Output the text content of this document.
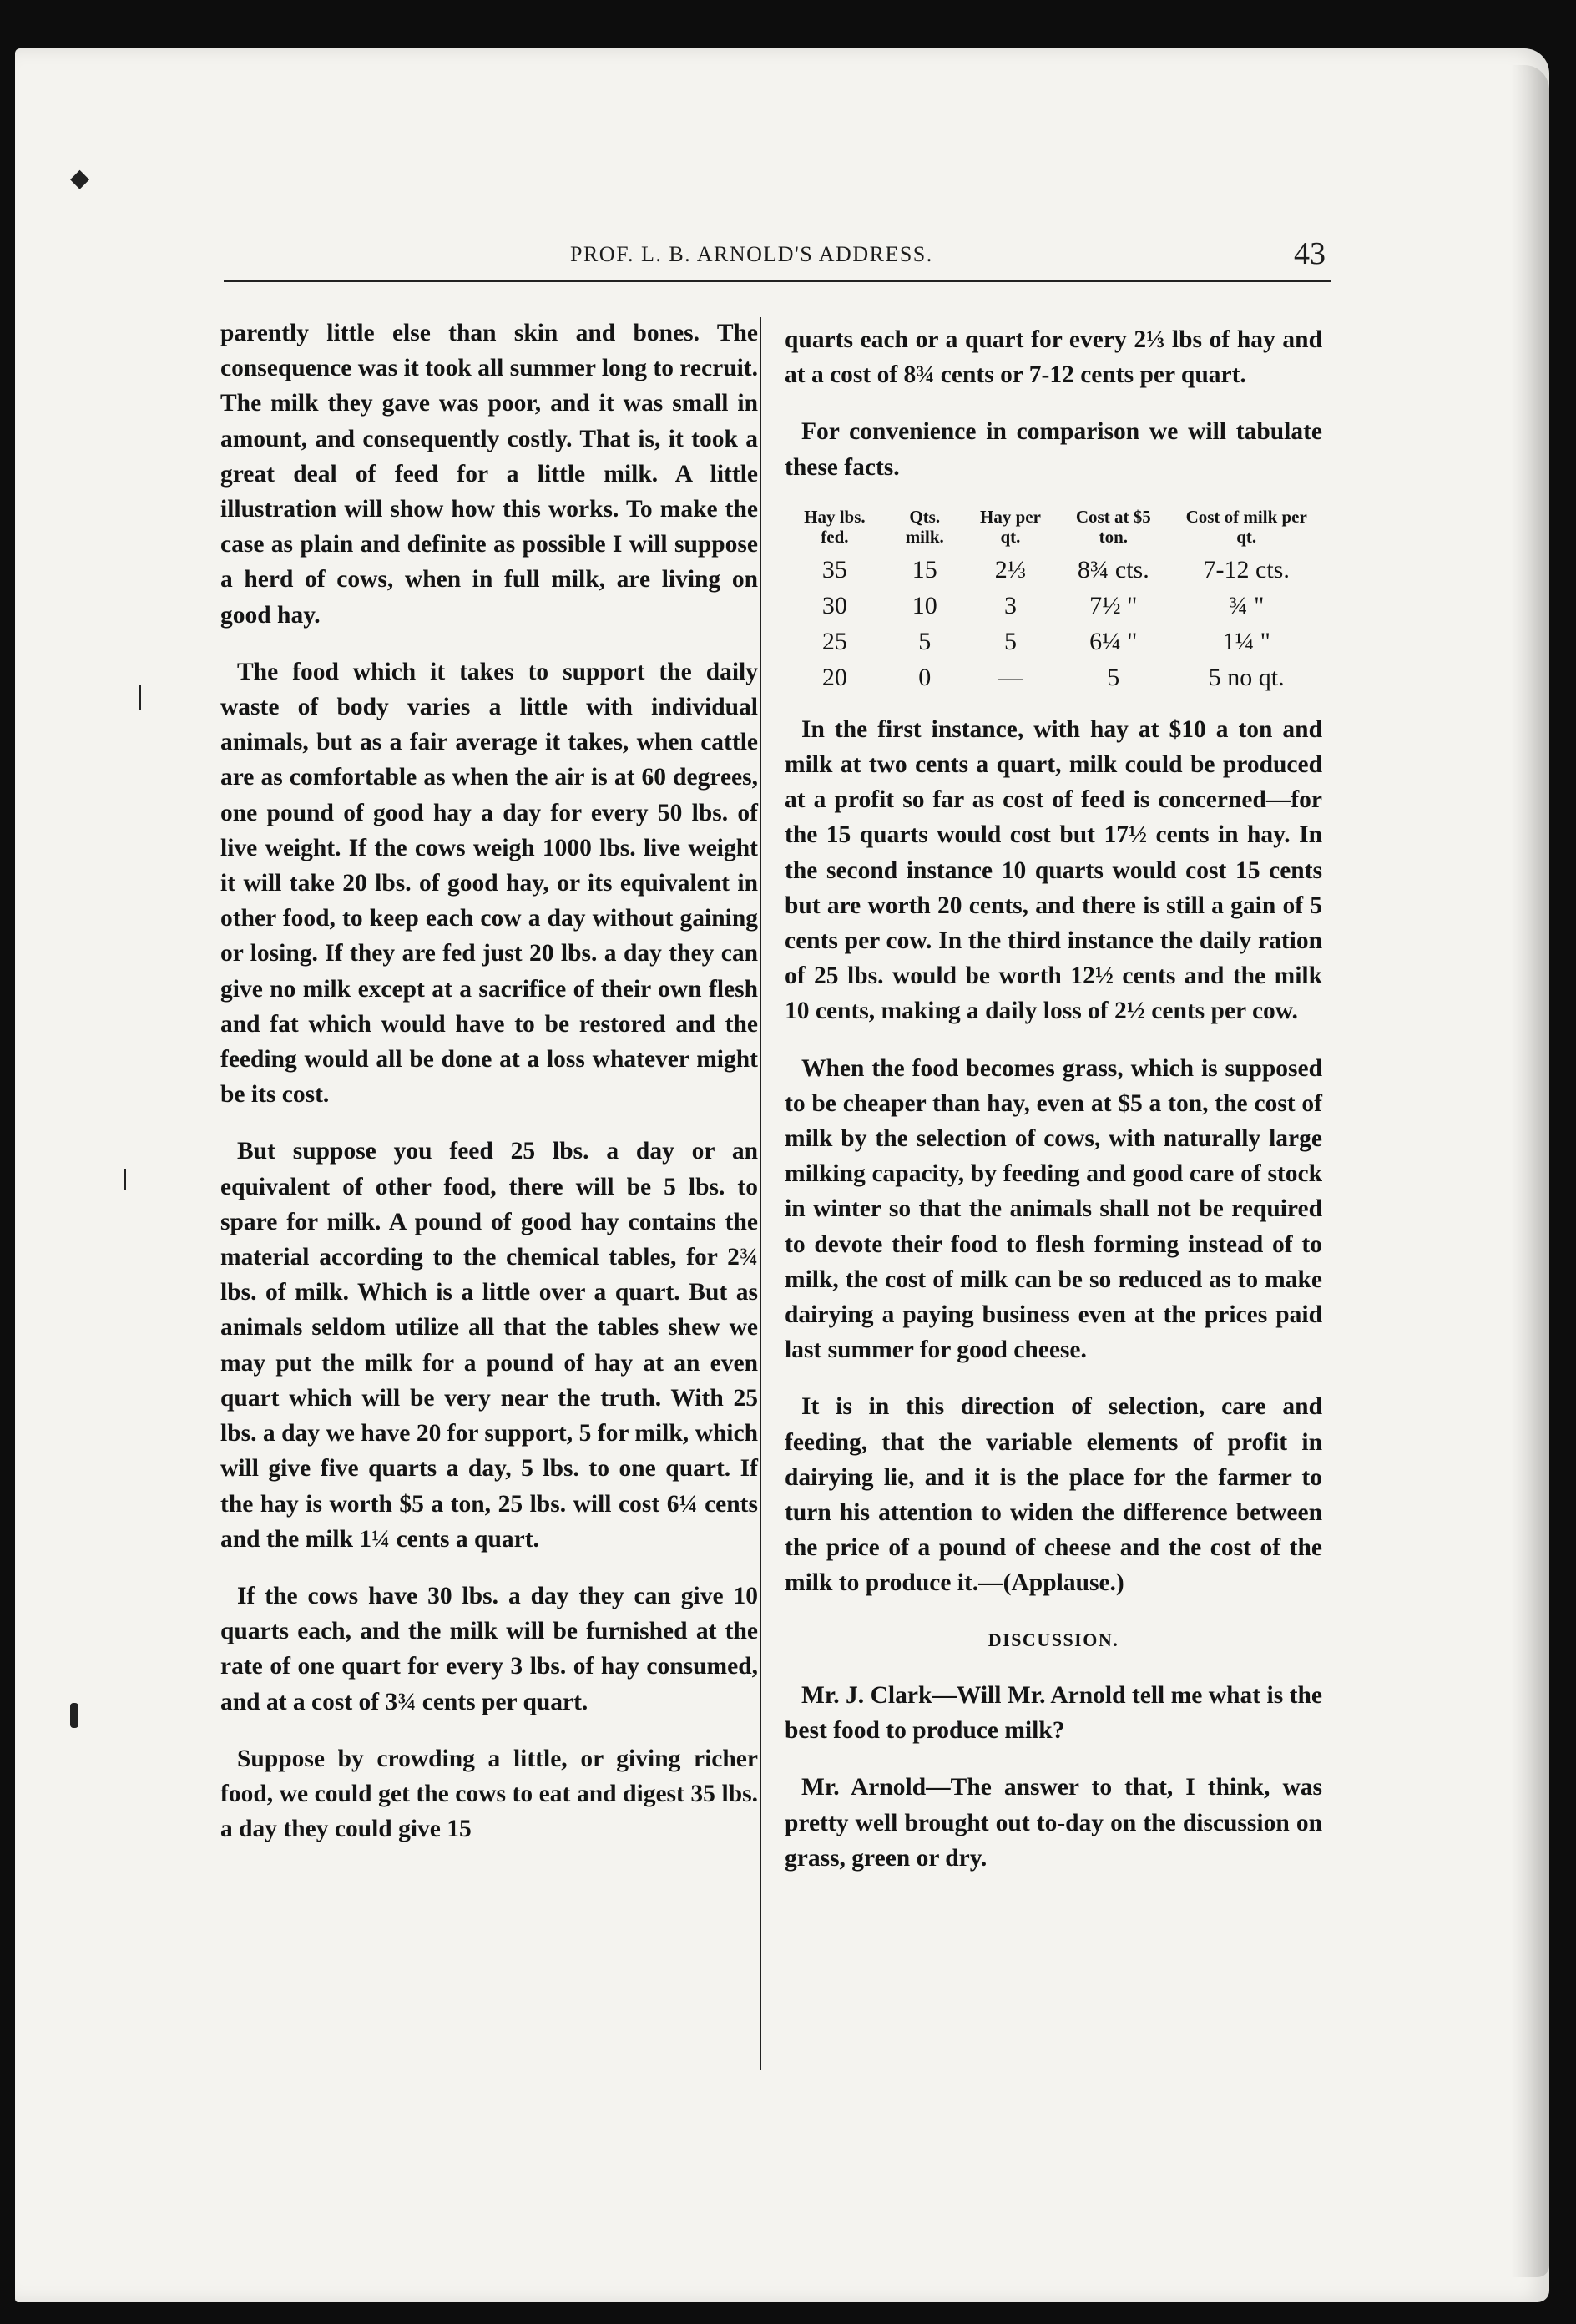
PROF. L. B. ARNOLD'S ADDRESS.	43
◆

parently little else than skin and bones. The consequence was it took all summer long to recruit. The milk they gave was poor, and it was small in amount, and consequently costly. That is, it took a great deal of feed for a little milk. A little illustration will show how this works. To make the case as plain and definite as possible I will suppose a herd of cows, when in full milk, are living on good hay.

The food which it takes to support the daily waste of body varies a little with individual animals, but as a fair average it takes, when cattle are as comfortable as when the air is at 60 degrees, one pound of good hay a day for every 50 lbs. of live weight. If the cows weigh 1000 lbs. live weight it will take 20 lbs. of good hay, or its equivalent in other food, to keep each cow a day without gaining or losing. If they are fed just 20 lbs. a day they can give no milk except at a sacrifice of their own flesh and fat which would have to be restored and the feeding would all be done at a loss whatever might be its cost.

But suppose you feed 25 lbs. a day or an equivalent of other food, there will be 5 lbs. to spare for milk. A pound of good hay contains the material according to the chemical tables, for 2¾ lbs. of milk. Which is a little over a quart. But as animals seldom utilize all that the tables shew we may put the milk for a pound of hay at an even quart which will be very near the truth. With 25 lbs. a day we have 20 for support, 5 for milk, which will give five quarts a day, 5 lbs. to one quart. If the hay is worth $5 a ton, 25 lbs. will cost 6¼ cents and the milk 1¼ cents a quart.

If the cows have 30 lbs. a day they can give 10 quarts each, and the milk will be furnished at the rate of one quart for every 3 lbs. of hay consumed, and at a cost of 3¾ cents per quart.

Suppose by crowding a little, or giving richer food, we could get the cows to eat and digest 35 lbs. a day they could give 15

quarts each or a quart for every 2⅓ lbs of hay and at a cost of 8¾ cents or 7-12 cents per quart.

For convenience in comparison we will tabulate these facts.

Hay lbs. fed.	Qts. milk.	Hay per qt.	Cost at $5 ton.	Cost of milk per qt.
35	15	2⅓	8¾ cts.	7-12 cts.
30	10	3	7½ "	¾ "
25	5	5	6¼ "	1¼ "
20	0	—	5	5 no qt.

In the first instance, with hay at $10 a ton and milk at two cents a quart, milk could be produced at a profit so far as cost of feed is concerned—for the 15 quarts would cost but 17½ cents in hay. In the second instance 10 quarts would cost 15 cents but are worth 20 cents, and there is still a gain of 5 cents per cow. In the third instance the daily ration of 25 lbs. would be worth 12½ cents and the milk 10 cents, making a daily loss of 2½ cents per cow.

When the food becomes grass, which is supposed to be cheaper than hay, even at $5 a ton, the cost of milk by the selection of cows, with naturally large milking capacity, by feeding and good care of stock in winter so that the animals shall not be required to devote their food to flesh forming instead of to milk, the cost of milk can be so reduced as to make dairying a paying business even at the prices paid last summer for good cheese.

It is in this direction of selection, care and feeding, that the variable elements of profit in dairying lie, and it is the place for the farmer to turn his attention to widen the difference between the price of a pound of cheese and the cost of the milk to produce it.—(Applause.)

DISCUSSION.

Mr. J. Clark—Will Mr. Arnold tell me what is the best food to produce milk?

Mr. Arnold—The answer to that, I think, was pretty well brought out to-day on the discussion on grass, green or dry.
